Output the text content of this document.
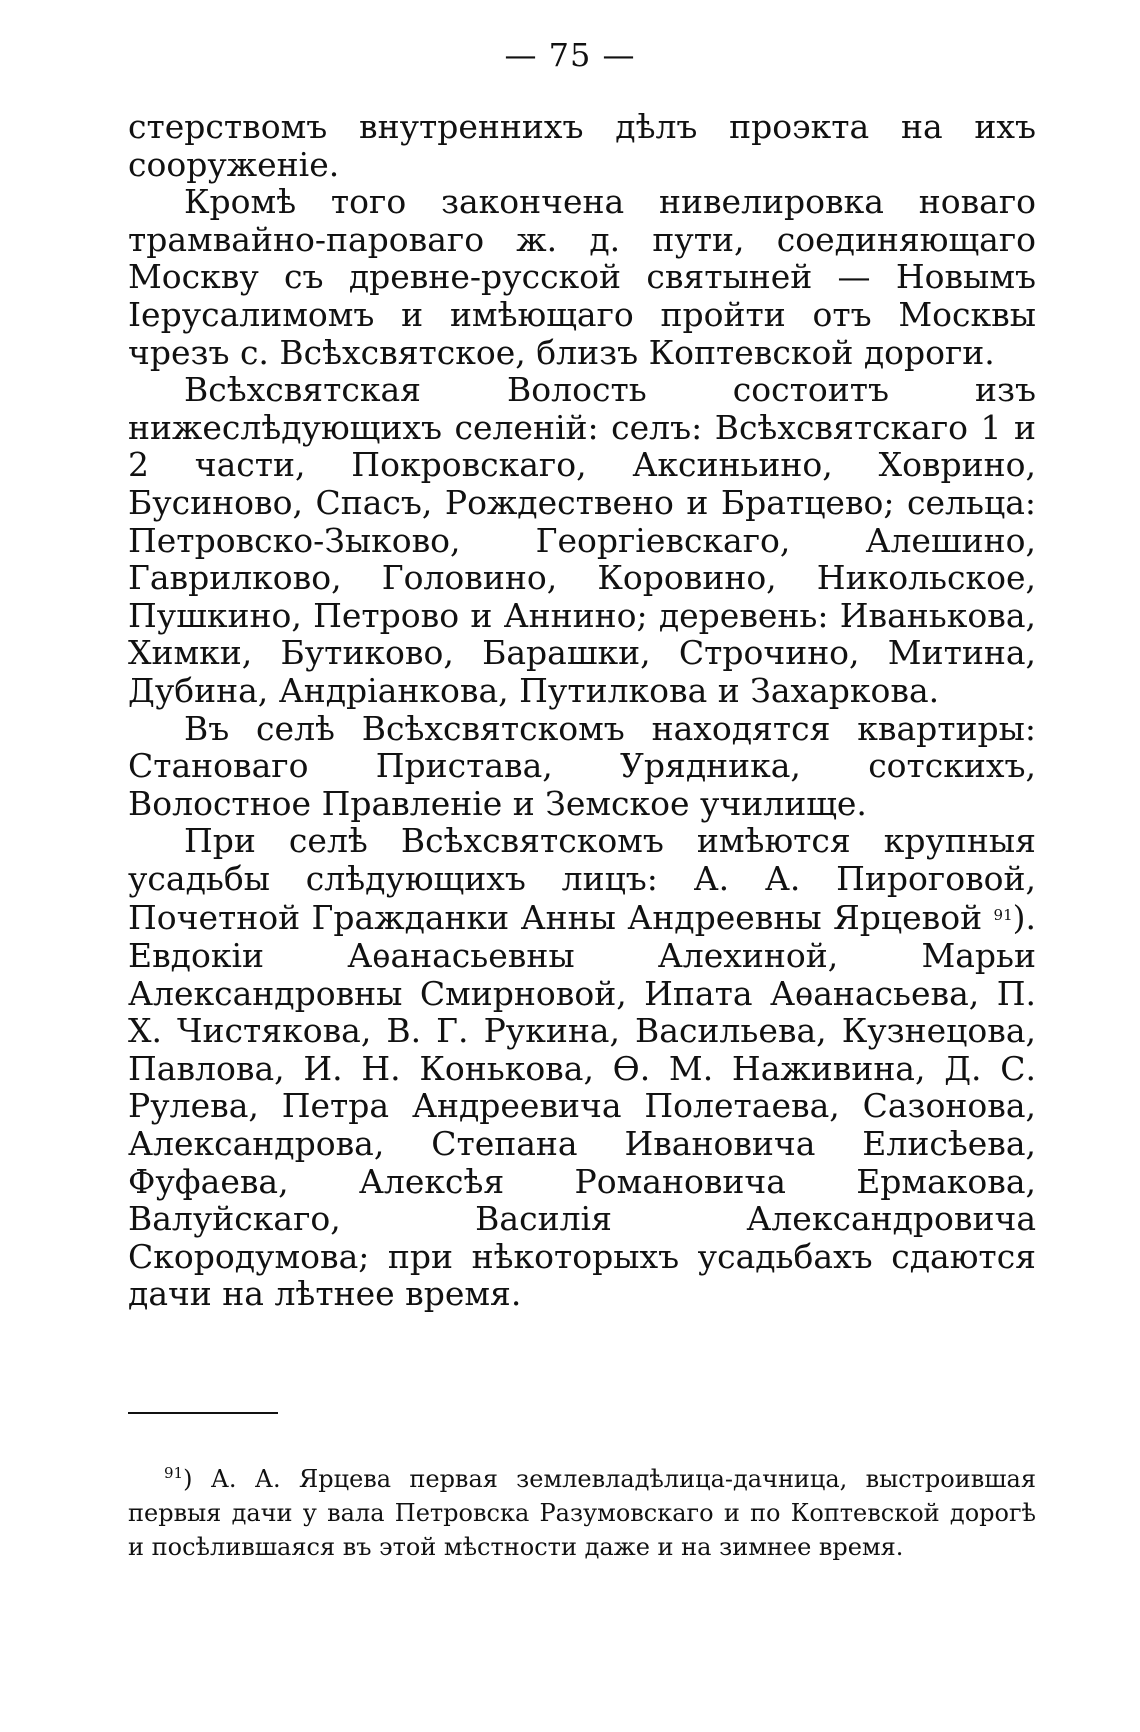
— 75 —

стерствомъ внутреннихъ дѣлъ проэкта на ихъ сооруженіе.

Кромѣ того закончена нивелировка новаго трамвайно-пароваго ж. д. пути, соединяющаго Москву съ древне-русской святыней — Новымъ Іерусалимомъ и имѣющаго пройти отъ Москвы чрезъ с. Всѣхсвятское, близъ Коптевской дороги.

Всѣхсвятская Волость состоитъ изъ нижеслѣдующихъ селеній: селъ: Всѣхсвятскаго 1 и 2 части, Покровскаго, Аксиньино, Ховрино, Бусиново, Спасъ, Рождествено и Братцево; сельца: Петровско-Зыково, Георгіевскаго, Алешино, Гаврилково, Головино, Коровино, Никольское, Пушкино, Петрово и Аннино; деревень: Иванькова, Химки, Бутиково, Барашки, Строчино, Митина, Дубина, Андріанкова, Путилкова и Захаркова.

Въ селѣ Всѣхсвятскомъ находятся квартиры: Становаго Пристава, Урядника, сотскихъ, Волостное Правленіе и Земское училище.

При селѣ Всѣхсвятскомъ имѣются крупныя усадьбы слѣдующихъ лицъ: А. А. Пироговой, Почетной Гражданки Анны Андреевны Ярцевой $^{91}$). Евдокіи Аѳанасьевны Алехиной, Марьи Александровны Смирновой, Ипата Аѳанасьева, П. Х. Чистякова, В. Г. Рукина, Васильева, Кузнецова, Павлова, И. Н. Конькова, Ѳ. М. Наживина, Д. С. Рулева, Петра Андреевича Полетаева, Сазонова, Александрова, Степана Ивановича Елисѣева, Фуфаева, Алексѣя Романовича Ермакова, Валуйскаго, Василія Александровича Скородумова; при нѣкоторыхъ усадьбахъ сдаются дачи на лѣтнее время.

$^{91}$) А. А. Ярцева первая землевладѣлица-дачница, выстроившая первыя дачи у вала Петровска Разумовскаго и по Коптевской дорогѣ и посѣлившаяся въ этой мѣстности даже и на зимнее время.
